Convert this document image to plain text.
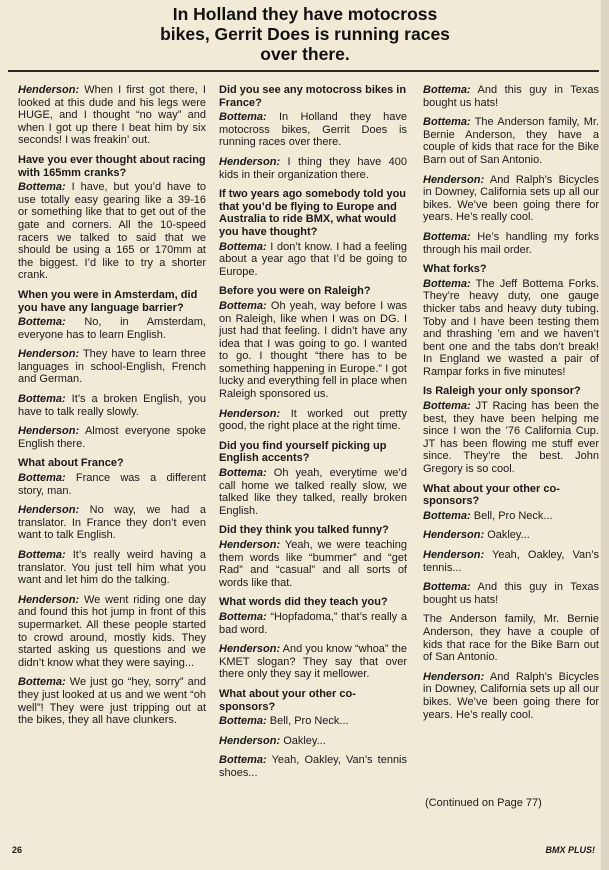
In Holland they have motocross bikes, Gerrit Does is running races over there.

Henderson: When I first got there, I looked at this dude and his legs were HUGE, and I thought “no way” and when I got up there I beat him by six seconds! I was freakin’ out.

Have you ever thought about racing with 165mm cranks?

Bottema: I have, but you’d have to use totally easy gearing like a 39-16 or something like that to get out of the gate and corners. All the 10-speed racers we talked to said that we should be using a 165 or 170mm at the biggest. I’d like to try a shorter crank.

When you were in Amsterdam, did you have any language barrier?

Bottema: No, in Amsterdam, everyone has to learn English.

Henderson: They have to learn three languages in school-English, French and German.

Bottema: It’s a broken English, you have to talk really slowly.

Henderson: Almost everyone spoke English there.

What about France?

Bottema: France was a different story, man.

Henderson: No way, we had a translator. In France they don’t even want to talk English.

Bottema: It’s really weird having a translator. You just tell him what you want and let him do the talking.

Henderson: We went riding one day and found this hot jump in front of this supermarket. All these people started to crowd around, mostly kids. They started asking us questions and we didn’t know what they were saying...

Bottema: We just go “hey, sorry” and they just looked at us and we went “oh well”! They were just tripping out at the bikes, they all have clunkers.

Did you see any motocross bikes in France?

Bottema: In Holland they have motocross bikes, Gerrit Does is running races over there.

Henderson: I thing they have 400 kids in their organization there.

If two years ago somebody told you that you’d be flying to Europe and Australia to ride BMX, what would you have thought?

Bottema: I don’t know. I had a feeling about a year ago that I’d be going to Europe.

Before you were on Raleigh?

Bottema: Oh yeah, way before I was on Raleigh, like when I was on DG. I just had that feeling. I didn’t have any idea that I was going to go. I wanted to go. I thought “there has to be something happening in Europe.” I got lucky and everything fell in place when Raleigh sponsored us.

Henderson: It worked out pretty good, the right place at the right time.

Did you find yourself picking up English accents?

Bottema: Oh yeah, everytime we’d call home we talked really slow, we talked like they talked, really broken English.

Did they think you talked funny?

Henderson: Yeah, we were teaching them words like “bummer” and “get Rad” and “casual” and all sorts of words like that.

What words did they teach you?

Bottema: “Hopfadoma,” that’s really a bad word.

Henderson: And you know “whoa” the KMET slogan? They say that over there only they say it mellower.

What about your other co-sponsors?

Bottema: Bell, Pro Neck...

Henderson: Oakley...

Bottema: Yeah, Oakley, Van’s tennis shoes...

Bottema: And this guy in Texas bought us hats!

Bottema: The Anderson family, Mr. Bernie Anderson, they have a couple of kids that race for the Bike Barn out of San Antonio.

Henderson: And Ralph’s Bicycles in Downey, California sets up all our bikes. We’ve been going there for years. He’s really cool.

Bottema: He’s handling my forks through his mail order.

What forks?

Bottema: The Jeff Bottema Forks. They’re heavy duty, one gauge thicker tabs and heavy duty tubing. Toby and I have been testing them and thrashing ’em and we haven’t bent one and the tabs don’t break! In England we wasted a pair of Rampar forks in five minutes!

Is Raleigh your only sponsor?

Bottema: JT Racing has been the best, they have been helping me since I won the ’76 California Cup. JT has been flowing me stuff ever since. They’re the best. John Gregory is so cool.

What about your other co-sponsors?

Bottema: Bell, Pro Neck...

Henderson: Oakley...

Henderson: Yeah, Oakley, Van’s tennis...

Bottema: And this guy in Texas bought us hats!

The Anderson family, Mr. Bernie Anderson, they have a couple of kids that race for the Bike Barn out of San Antonio.

Henderson: And Ralph’s Bicycles in Downey, California sets up all our bikes. We’ve been going there for years. He’s really cool.

(Continued on Page 77)
26	BMX PLUS!
